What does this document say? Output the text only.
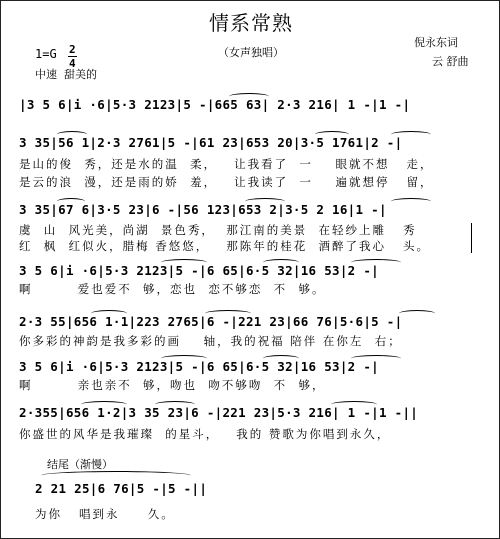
情系常熟
（女声独唱）
倪永东词
云 舒曲
1=G 2
4
中速  甜美的
|3 5 6|i ·6|5·3 2123|5 -|665 63| 2·3 216| 1 -|1 -|
3 35|56 1|2·3 2761|5 -|61 23|653 20|3·5 1761|2 -|
是山的俊  秀，还是水的温  柔，   让我看了  一    眼就不想   走，
是云的浪  漫，还是雨的娇  羞，   让我读了  一    遍就想停   留，
3 35|67 6|3·5 23|6 -|56 123|653 2|3·5 2 16|1 -|
虞  山  风光美，尚湖  景色秀，  那江南的美景  在轻纱上雕   秀
红  枫  红似火，腊梅 香悠悠，   那陈年的桂花  酒醉了我心   头。
3 5 6|i ·6|5·3 2123|5 -|6 65|6·5 32|16 53|2 -|
啊        爱也爱不  够，恋也  恋不够恋  不  够。
2·3 55|656 1·1|223 2765|6 -|221 23|66 76|5·6|5 -|
你多彩的神韵是我多彩的画    轴，我的祝福 陪伴 在你左  右；
3 5 6|i ·6|5·3 2123|5 -|6 65|6·5 32|16 53|2 -|
啊        亲也亲不  够，吻也  吻不够吻  不  够，
2·355|656 1·2|3 35 23|6 -|221 23|5·3 216| 1 -|1 -||
你盛世的风华是我璀璨  的星斗，   我的 赞歌为你唱到永久，
结尾（渐慢）
2 21 25|6 76|5 -|5 -||
为你   唱到永     久。
